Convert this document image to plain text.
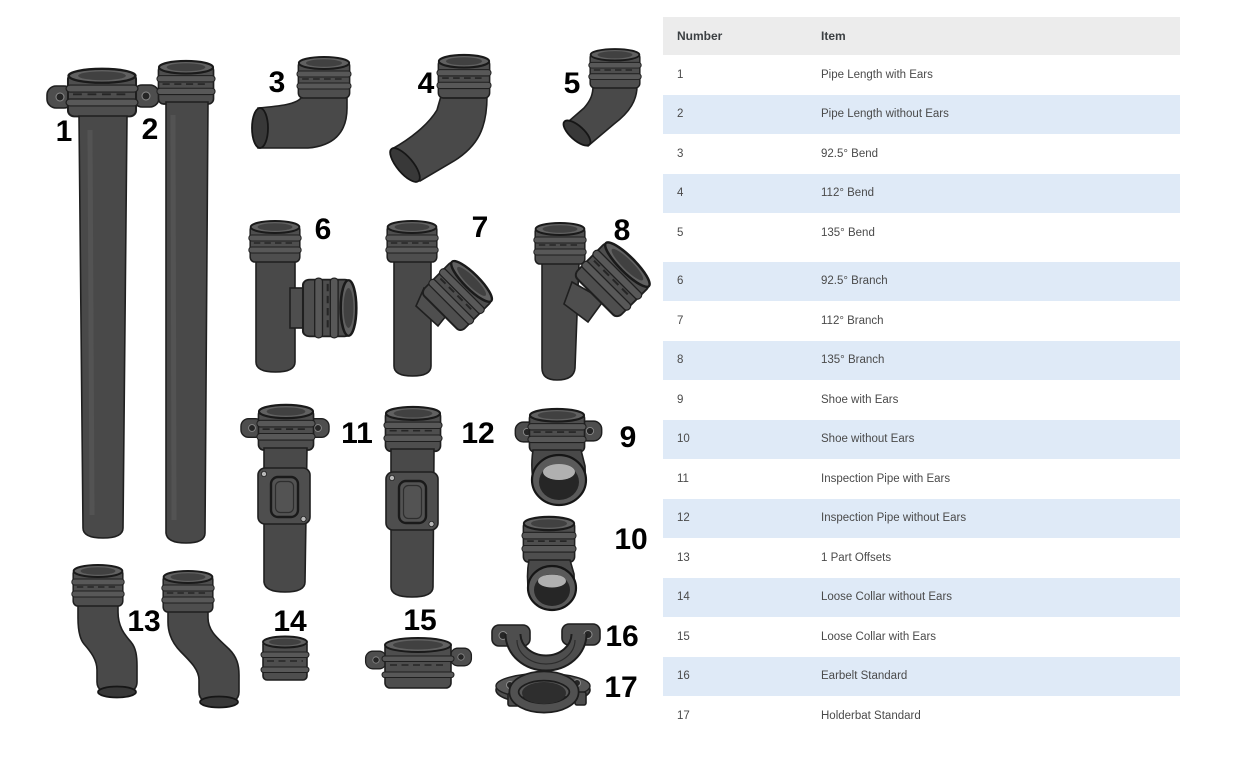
1 2
3	4	5
6	7	8
9
10
11	12
13	14	15	16
17
Number	Item
1	Pipe Length with Ears
2	Pipe Length without Ears
3	92.5° Bend
4	112° Bend
5	135° Bend
6	92.5° Branch
7	112° Branch
8	135° Branch
9	Shoe with Ears
10	Shoe without Ears
11	Inspection Pipe with Ears
12	Inspection Pipe without Ears
13	1 Part Offsets
14	Loose Collar without Ears
15	Loose Collar with Ears
16	Earbelt Standard
17	Holderbat Standard
